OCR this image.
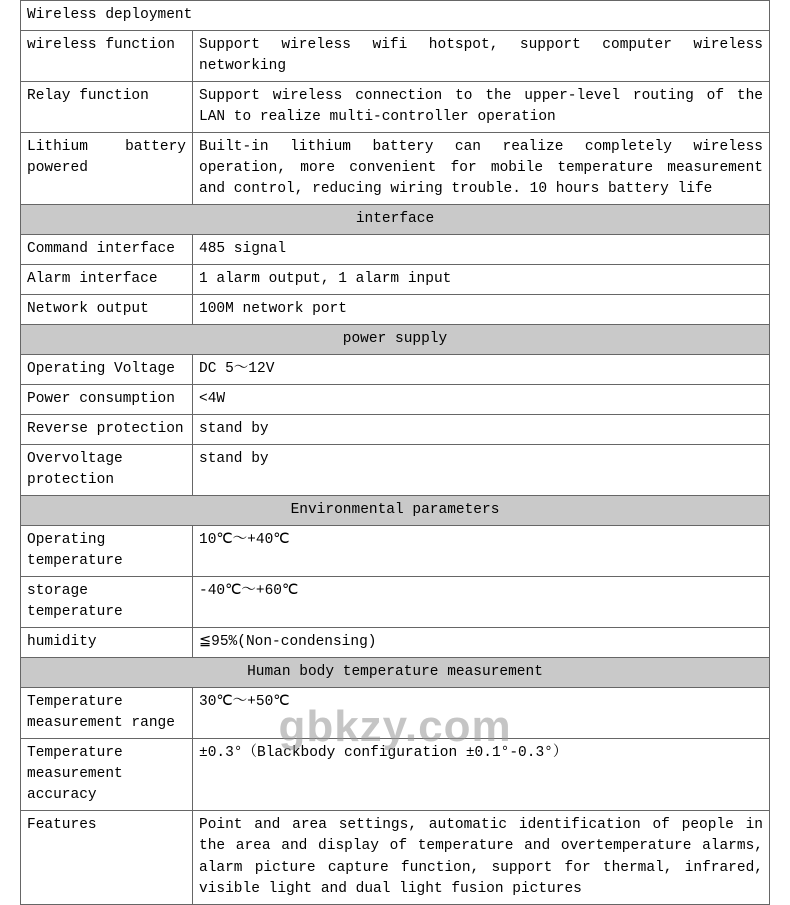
Wireless deployment	
wireless function	Support wireless wifi hotspot, support computer wireless networking
Relay function	Support wireless connection to the upper-level routing of the LAN to realize multi-controller operation
Lithium battery powered	Built-in lithium battery can realize completely wireless operation, more convenient for mobile temperature measurement and control, reducing wiring trouble. 10 hours battery life
interface	
Command interface	485 signal
Alarm interface	1 alarm output, 1 alarm input
Network output	100M network port
power supply	
Operating Voltage	DC 5～12V
Power consumption	<4W
Reverse protection	stand by
Overvoltage protection	stand by
Environmental parameters	
Operating temperature	10℃～+40℃
storage temperature	-40℃～+60℃
humidity	≦95%(Non-condensing)
Human body temperature measurement	
Temperature measurement range	30℃～+50℃
Temperature measurement accuracy	±0.3°（Blackbody configuration ±0.1°-0.3°）
Features	Point and area settings, automatic identification of people in the area and display of temperature and overtemperature alarms, alarm picture capture function, support for thermal, infrared, visible light and dual light fusion pictures
gbkzy.com
